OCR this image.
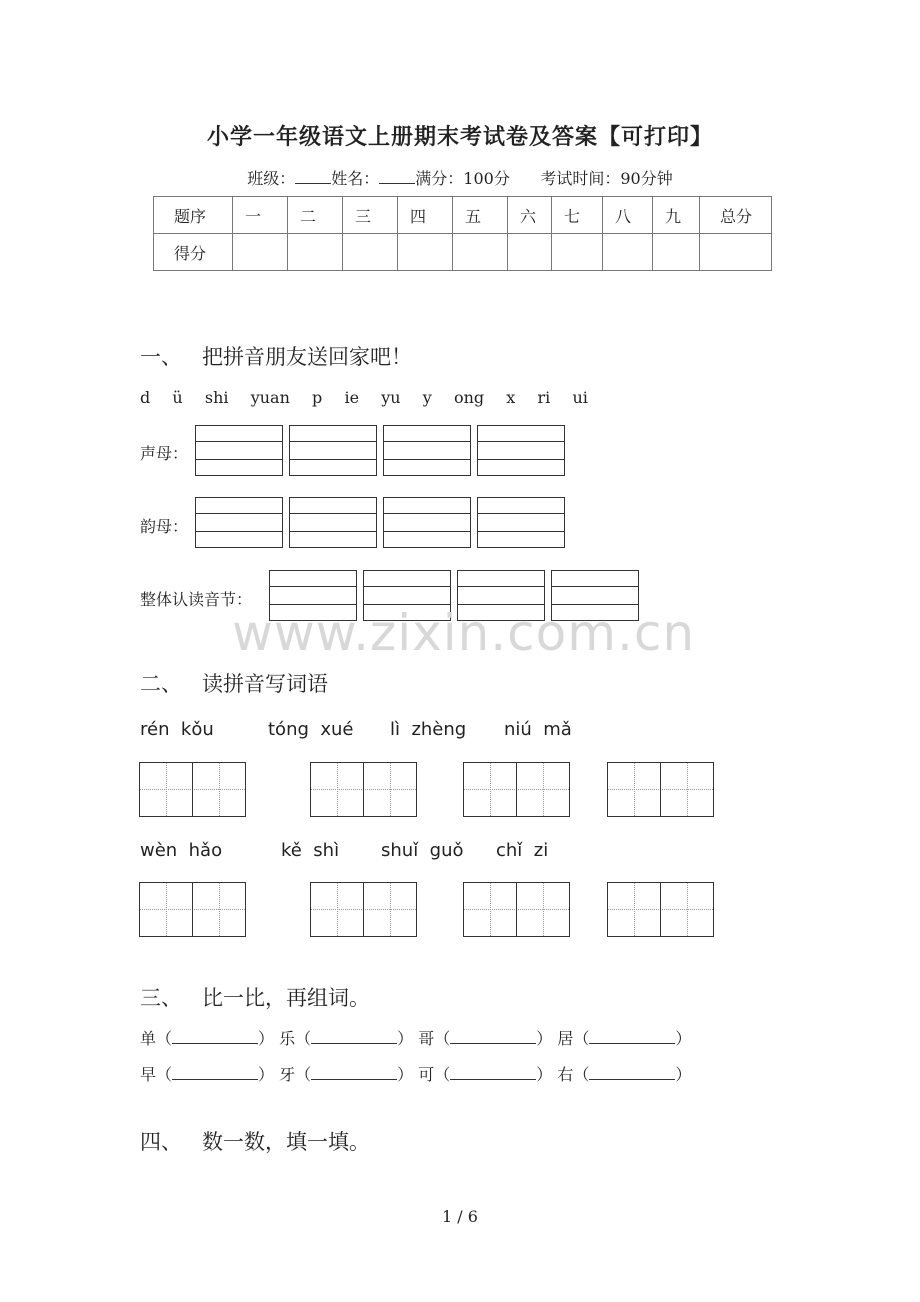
小学一年级语文上册期末考试卷及答案【可打印】
班级： 姓名： 满分：100分 考试时间：90分钟
题序	一	二	三	四	五	六	七	八	九	总分
得分										
一、 把拼音朋友送回家吧！
d  ü  shi  yuan  p  ie  yu  y  ong  x  ri  ui
声母：
韵母：
整体认读音节：
www.zixin.com.cn
二、 读拼音写词语
rén  kǒu	tóng  xué lì  zhèng niú  mǎ
wèn  hǎo	kě  shì shuǐ  guǒ chǐ  zi
三、 比一比，再组词。
单（	） 乐（	） 哥（	） 居（	）
早（	） 牙（	） 可（	） 右（	）
四、 数一数，填一填。
1 / 6
